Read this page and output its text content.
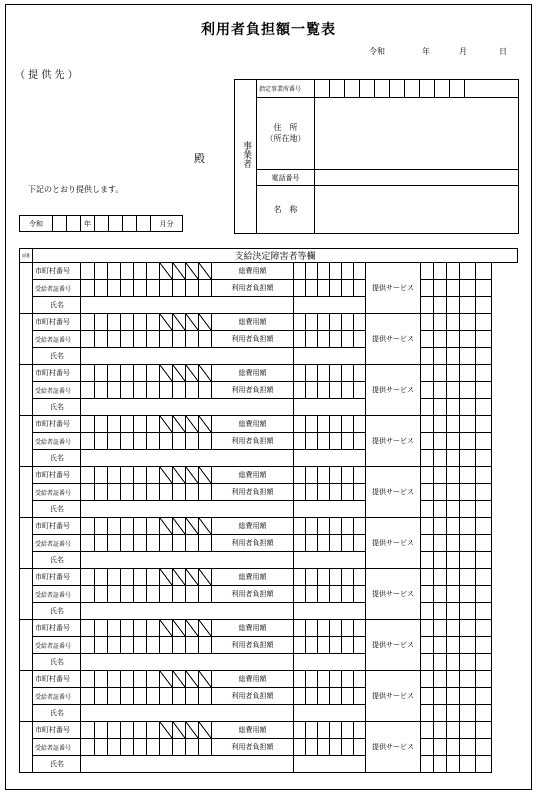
利用者負担額一覧表
令和	年	月	日
（ 提 供 先 ）
殿
下記のとおり提供します。
令和			年					月分
事業者	指定事業所番号											

	住　所
（所在地）											

	電話番号											
	名　称											
項番	支給決定障害者等欄																								
	市町村番号												総費用額							提供サービス					
	受給者証番号												利用者負担額												
		氏名																							
	市町村番号												総費用額							提供サービス					
	受給者証番号												利用者負担額												
		氏名																							
	市町村番号												総費用額							提供サービス					
	受給者証番号												利用者負担額												
		氏名																							
	市町村番号												総費用額							提供サービス					
	受給者証番号												利用者負担額												
		氏名																							
	市町村番号												総費用額							提供サービス					
	受給者証番号												利用者負担額												
		氏名																							
	市町村番号												総費用額							提供サービス					
	受給者証番号												利用者負担額												
		氏名																							
	市町村番号												総費用額							提供サービス					
	受給者証番号												利用者負担額												
		氏名																							
	市町村番号												総費用額							提供サービス					
	受給者証番号												利用者負担額												
		氏名																							
	市町村番号												総費用額							提供サービス					
	受給者証番号												利用者負担額												
		氏名																							
	市町村番号												総費用額							提供サービス					
	受給者証番号												利用者負担額												
		氏名																							
